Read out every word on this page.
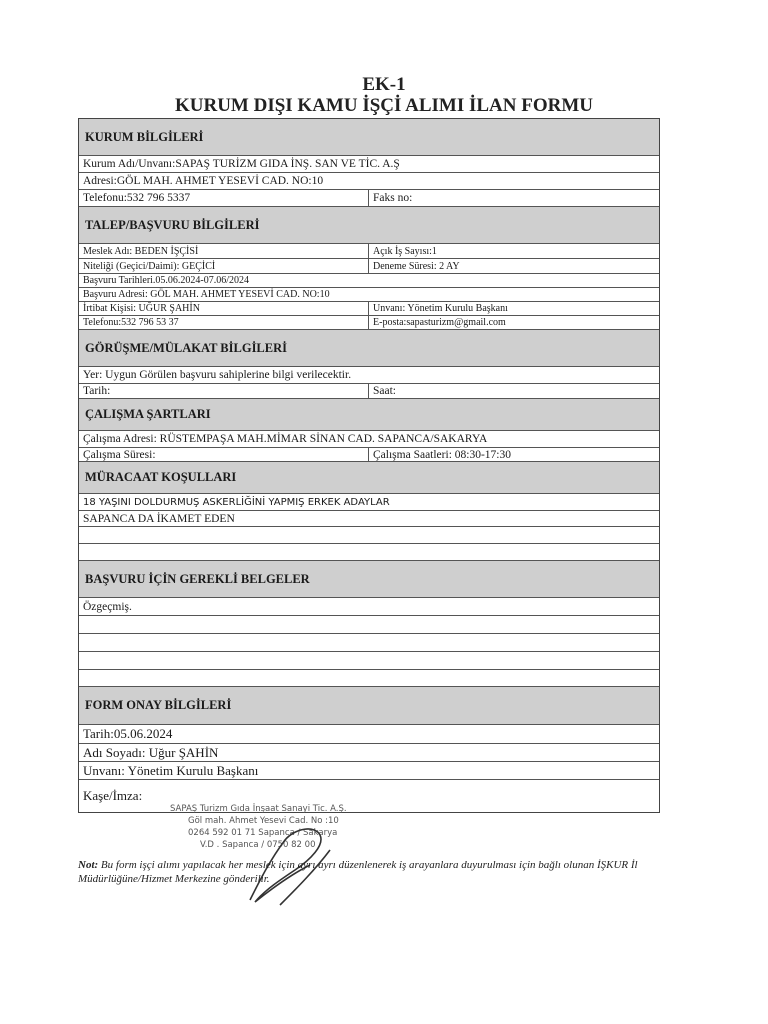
EK-1
KURUM DIŞI KAMU İŞÇİ ALIMI İLAN FORMU
KURUM BİLGİLERİ
Kurum Adı/Unvanı:SAPAŞ TURİZM GIDA İNŞ. SAN VE TİC. A.Ş
Adresi:GÖL MAH. AHMET YESEVİ CAD. NO:10
Telefonu:532 796 5337	Faks no:
TALEP/BAŞVURU BİLGİLERİ
Meslek Adı: BEDEN İŞÇİSİ	Açık İş Sayısı:1
Niteliği (Geçici/Daimi): GEÇİCİ	Deneme Süresi: 2 AY
Başvuru Tarihleri.05.06.2024-07.06/2024
Başvuru Adresi: GÖL MAH. AHMET YESEVİ CAD. NO:10
İrtibat Kişisi: UĞUR ŞAHİN	Unvanı: Yönetim Kurulu Başkanı
Telefonu:532 796 53 37	E-posta:sapasturizm@gmail.com
GÖRÜŞME/MÜLAKAT BİLGİLERİ
Yer: Uygun Görülen başvuru sahiplerine bilgi verilecektir.
Tarih:	Saat:
ÇALIŞMA ŞARTLARI
Çalışma Adresi: RÜSTEMPAŞA MAH.MİMAR SİNAN CAD. SAPANCA/SAKARYA
Çalışma Süresi:	Çalışma Saatleri: 08:30-17:30
MÜRACAAT KOŞULLARI
18 YAŞINI DOLDURMUŞ ASKERLİĞİNİ YAPMIŞ ERKEK ADAYLAR
SAPANCA DA İKAMET EDEN
BAŞVURU İÇİN GEREKLİ BELGELER
Özgeçmiş.
FORM ONAY BİLGİLERİ
Tarih:05.06.2024
Adı Soyadı: Uğur ŞAHİN
Unvanı: Yönetim Kurulu Başkanı
Kaşe/İmza:
SAPAŞ Turizm Gıda İnşaat Sanayi Tic. A.Ş.
Göl mah. Ahmet Yesevi Cad. No :10
0264 592 01 71 Sapanca / Sakarya
V.D . Sapanca / 0750 82 00
Not: Bu form işçi alımı yapılacak her meslek için ayrı ayrı düzenlenerek iş arayanlara duyurulması için bağlı olunan İŞKUR İl Müdürlüğüne/Hizmet Merkezine gönderilir.
